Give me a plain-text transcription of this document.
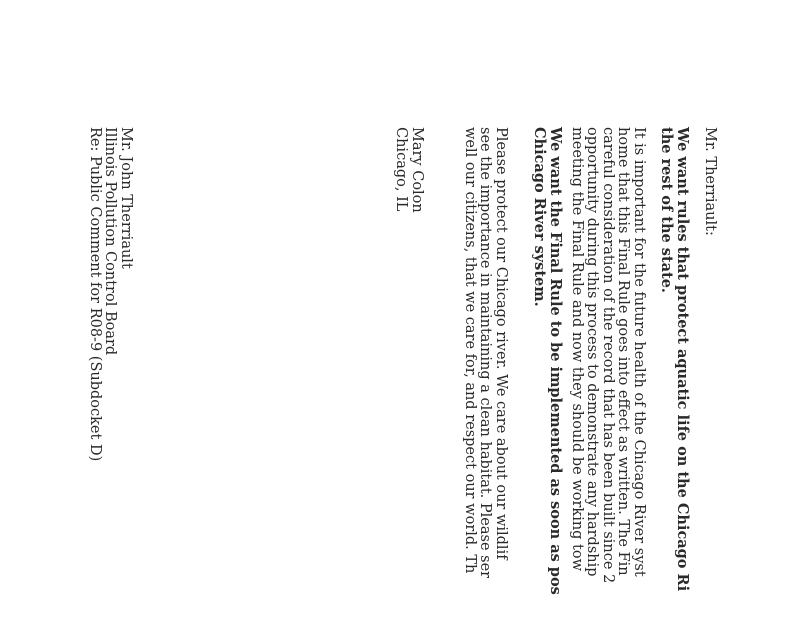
Mr. Therriault:
We want rules that protect aquatic life on the Chicago Ri
the rest of the state.
It is important for the future health of the Chicago River syst
home that this Final Rule goes into effect as written. The Fin
careful consideration of the record that has been built since 2
opportunity during this process to demonstrate any hardship
meeting the Final Rule and now they should be working tow
We want the Final Rule to be implemented as soon as pos
Chicago River system.
Please protect our Chicago river. We care about our wildlif
see the importance in maintaining a clean habitat. Please ser
well our citizens, that we care for, and respect our world. Th
Mary Colon
Chicago, IL
Mr. John Therriault
Illinois Pollution Control Board
Re: Public Comment for R08-9 (Subdocket D)
